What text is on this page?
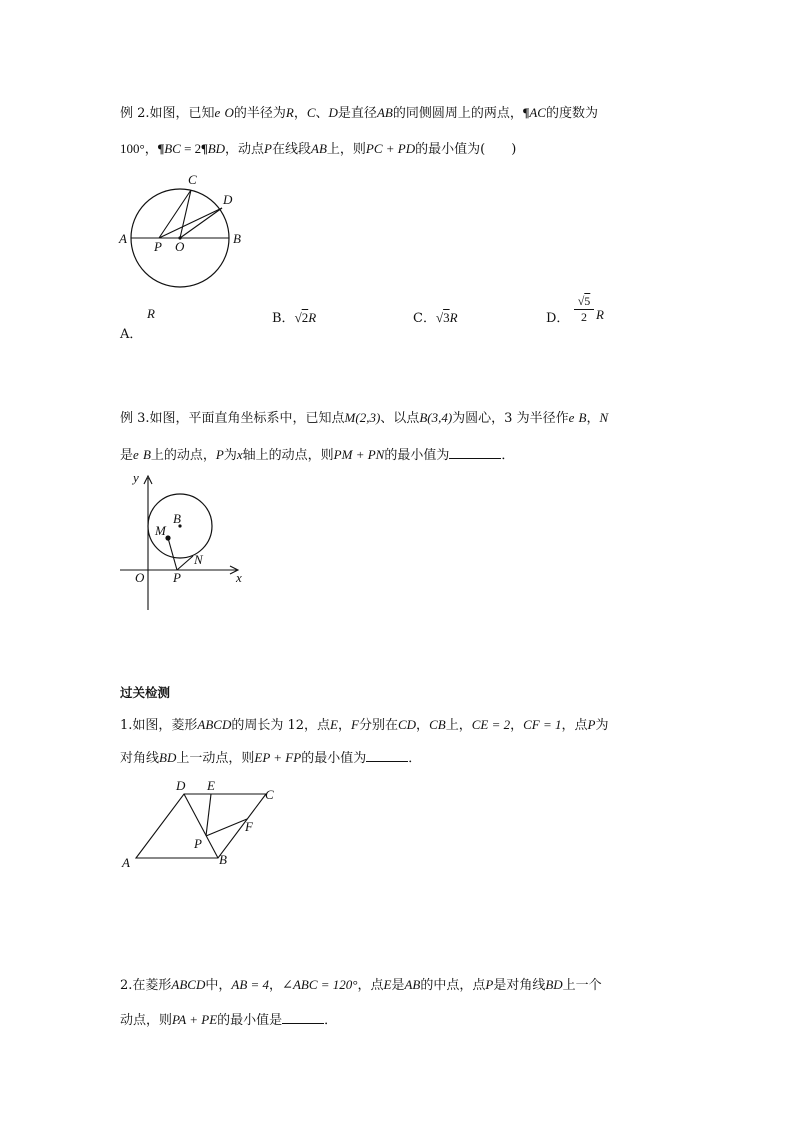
例 2.如图，已知e O的半径为R，C、D是直径AB的同侧圆周上的两点，¶AC的度数为
100°，¶BC = 2¶BD，动点P在线段AB上，则PC + PD的最小值为(　　)
A	B
C
D
P O
A．
R	B．√2R	C．√3R	D．
√5
2 R
例 3.如图，平面直角坐标系中，已知点M(2,3)、以点B(3,4)为圆心，3 为半径作e B，N
是e B上的动点，P为x轴上的动点，则PM + PN的最小值为	．
y
x
O P
M
B
N
过关检测
1.如图，菱形ABCD的周长为 12，点E，F分别在CD，CB上，CE = 2，CF = 1，点P为
对角线BD上一动点，则EP + FP的最小值为	．
A	B
C
D E
F
P
2.在菱形ABCD中，AB = 4，∠ABC = 120°，点E是AB的中点，点P是对角线BD上一个
动点，则PA + PE的最小值是	．
